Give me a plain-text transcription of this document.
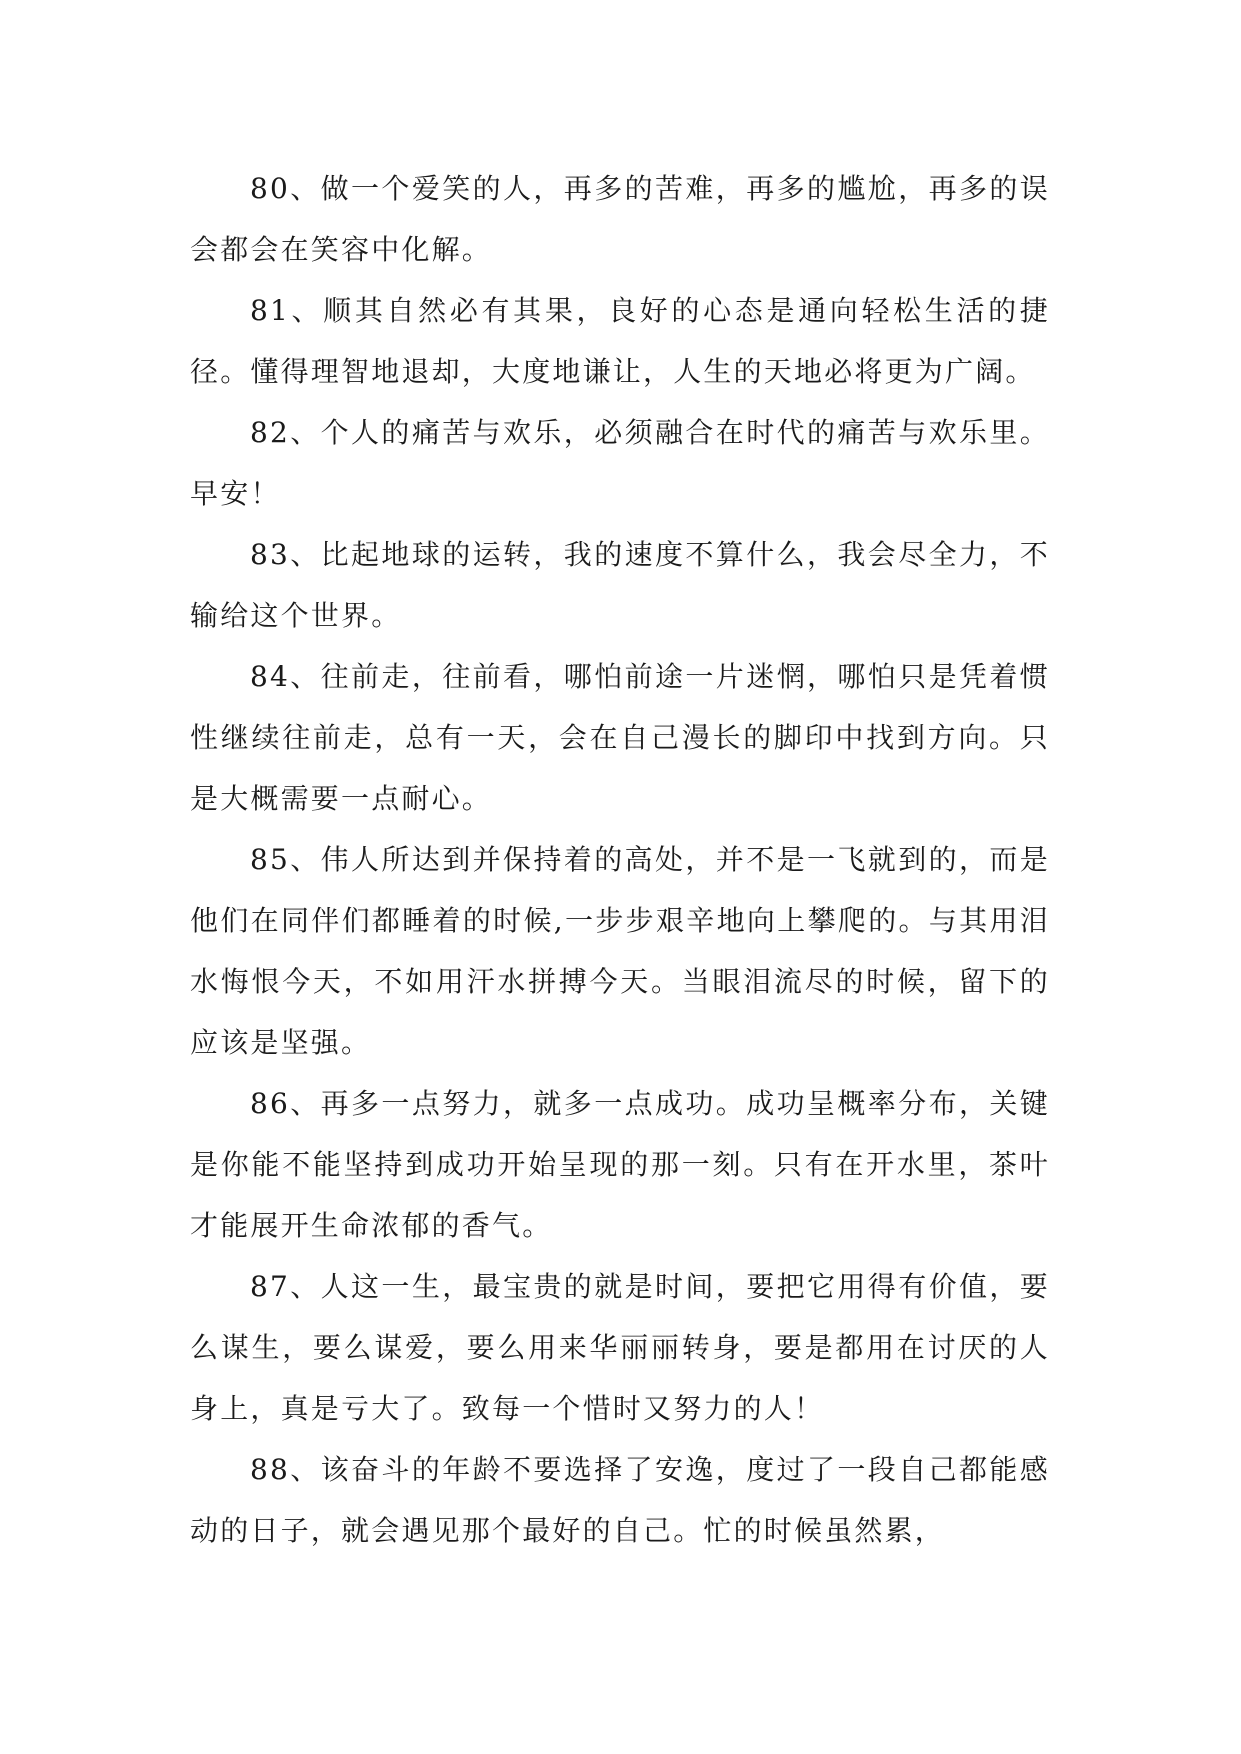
80、做一个爱笑的人，再多的苦难，再多的尴尬，再多的误会都会在笑容中化解。

81、顺其自然必有其果，良好的心态是通向轻松生活的捷径。懂得理智地退却，大度地谦让，人生的天地必将更为广阔。

82、个人的痛苦与欢乐，必须融合在时代的痛苦与欢乐里。早安！

83、比起地球的运转，我的速度不算什么，我会尽全力，不输给这个世界。

84、往前走，往前看，哪怕前途一片迷惘，哪怕只是凭着惯性继续往前走，总有一天，会在自己漫长的脚印中找到方向。只是大概需要一点耐心。

85、伟人所达到并保持着的高处，并不是一飞就到的，而是他们在同伴们都睡着的时候,一步步艰辛地向上攀爬的。与其用泪水悔恨今天，不如用汗水拼搏今天。当眼泪流尽的时候，留下的应该是坚强。

86、再多一点努力，就多一点成功。成功呈概率分布，关键是你能不能坚持到成功开始呈现的那一刻。只有在开水里，茶叶才能展开生命浓郁的香气。

87、人这一生，最宝贵的就是时间，要把它用得有价值，要么谋生，要么谋爱，要么用来华丽丽转身，要是都用在讨厌的人身上，真是亏大了。致每一个惜时又努力的人！

88、该奋斗的年龄不要选择了安逸，度过了一段自己都能感动的日子，就会遇见那个最好的自己。忙的时候虽然累，
